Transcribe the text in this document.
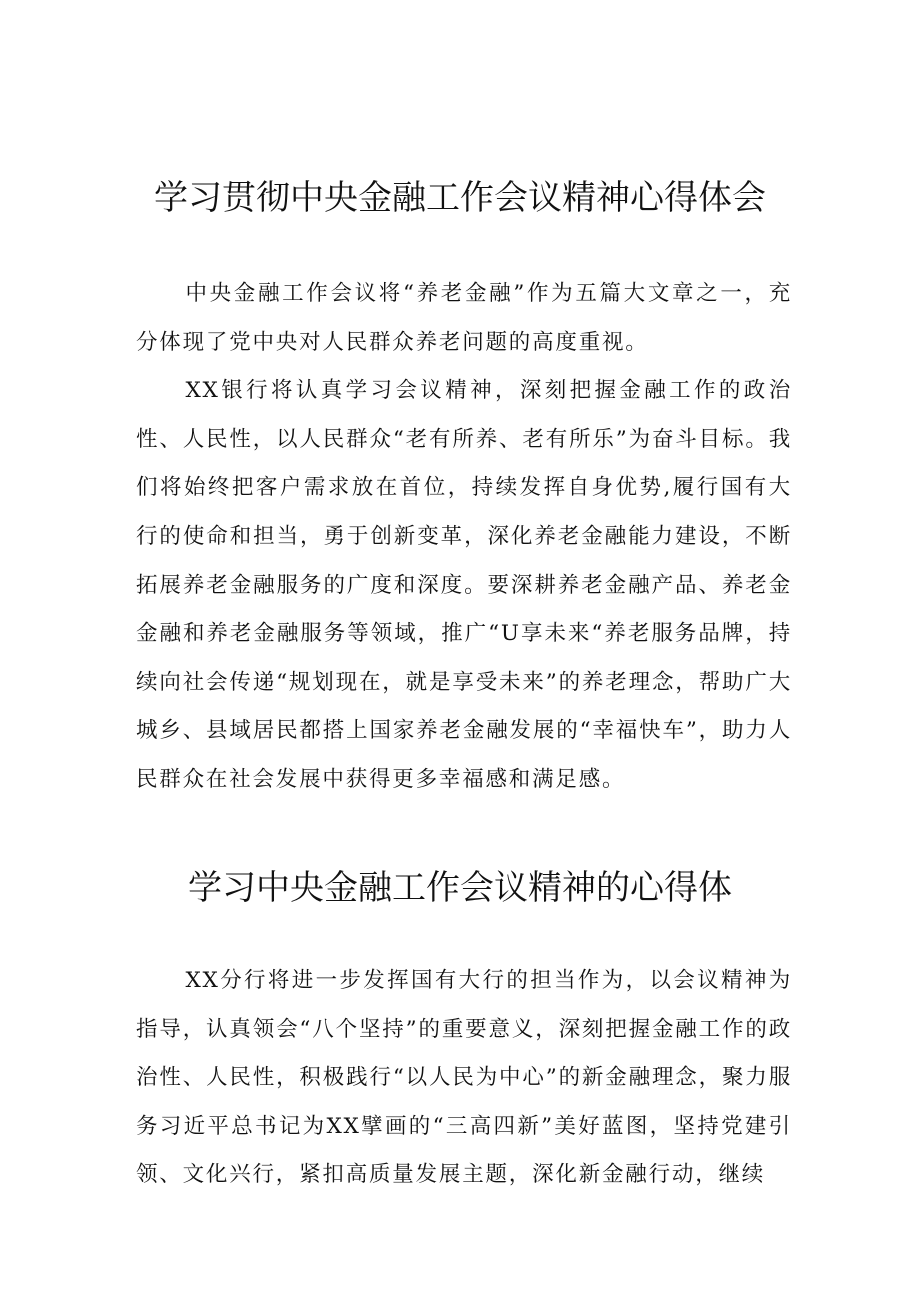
学习贯彻中央金融工作会议精神心得体会

中央金融工作会议将“养老金融”作为五篇大文章之一，充分体现了党中央对人民群众养老问题的高度重视。

XX银行将认真学习会议精神，深刻把握金融工作的政治性、人民性，以人民群众“老有所养、老有所乐”为奋斗目标。我们将始终把客户需求放在首位，持续发挥自身优势,履行国有大行的使命和担当，勇于创新变革，深化养老金融能力建设，不断拓展养老金融服务的广度和深度。要深耕养老金融产品、养老金金融和养老金融服务等领域，推广“U享未来“养老服务品牌，持续向社会传递“规划现在，就是享受未来”的养老理念，帮助广大城乡、县域居民都搭上国家养老金融发展的“幸福快车”，助力人民群众在社会发展中获得更多幸福感和满足感。

学习中央金融工作会议精神的心得体

XX分行将进一步发挥国有大行的担当作为，以会议精神为指导，认真领会“八个坚持”的重要意义，深刻把握金融工作的政治性、人民性，积极践行“以人民为中心”的新金融理念，聚力服务习近平总书记为XX擘画的“三高四新”美好蓝图，坚持党建引领、文化兴行，紧扣高质量发展主题，深化新金融行动，继续
